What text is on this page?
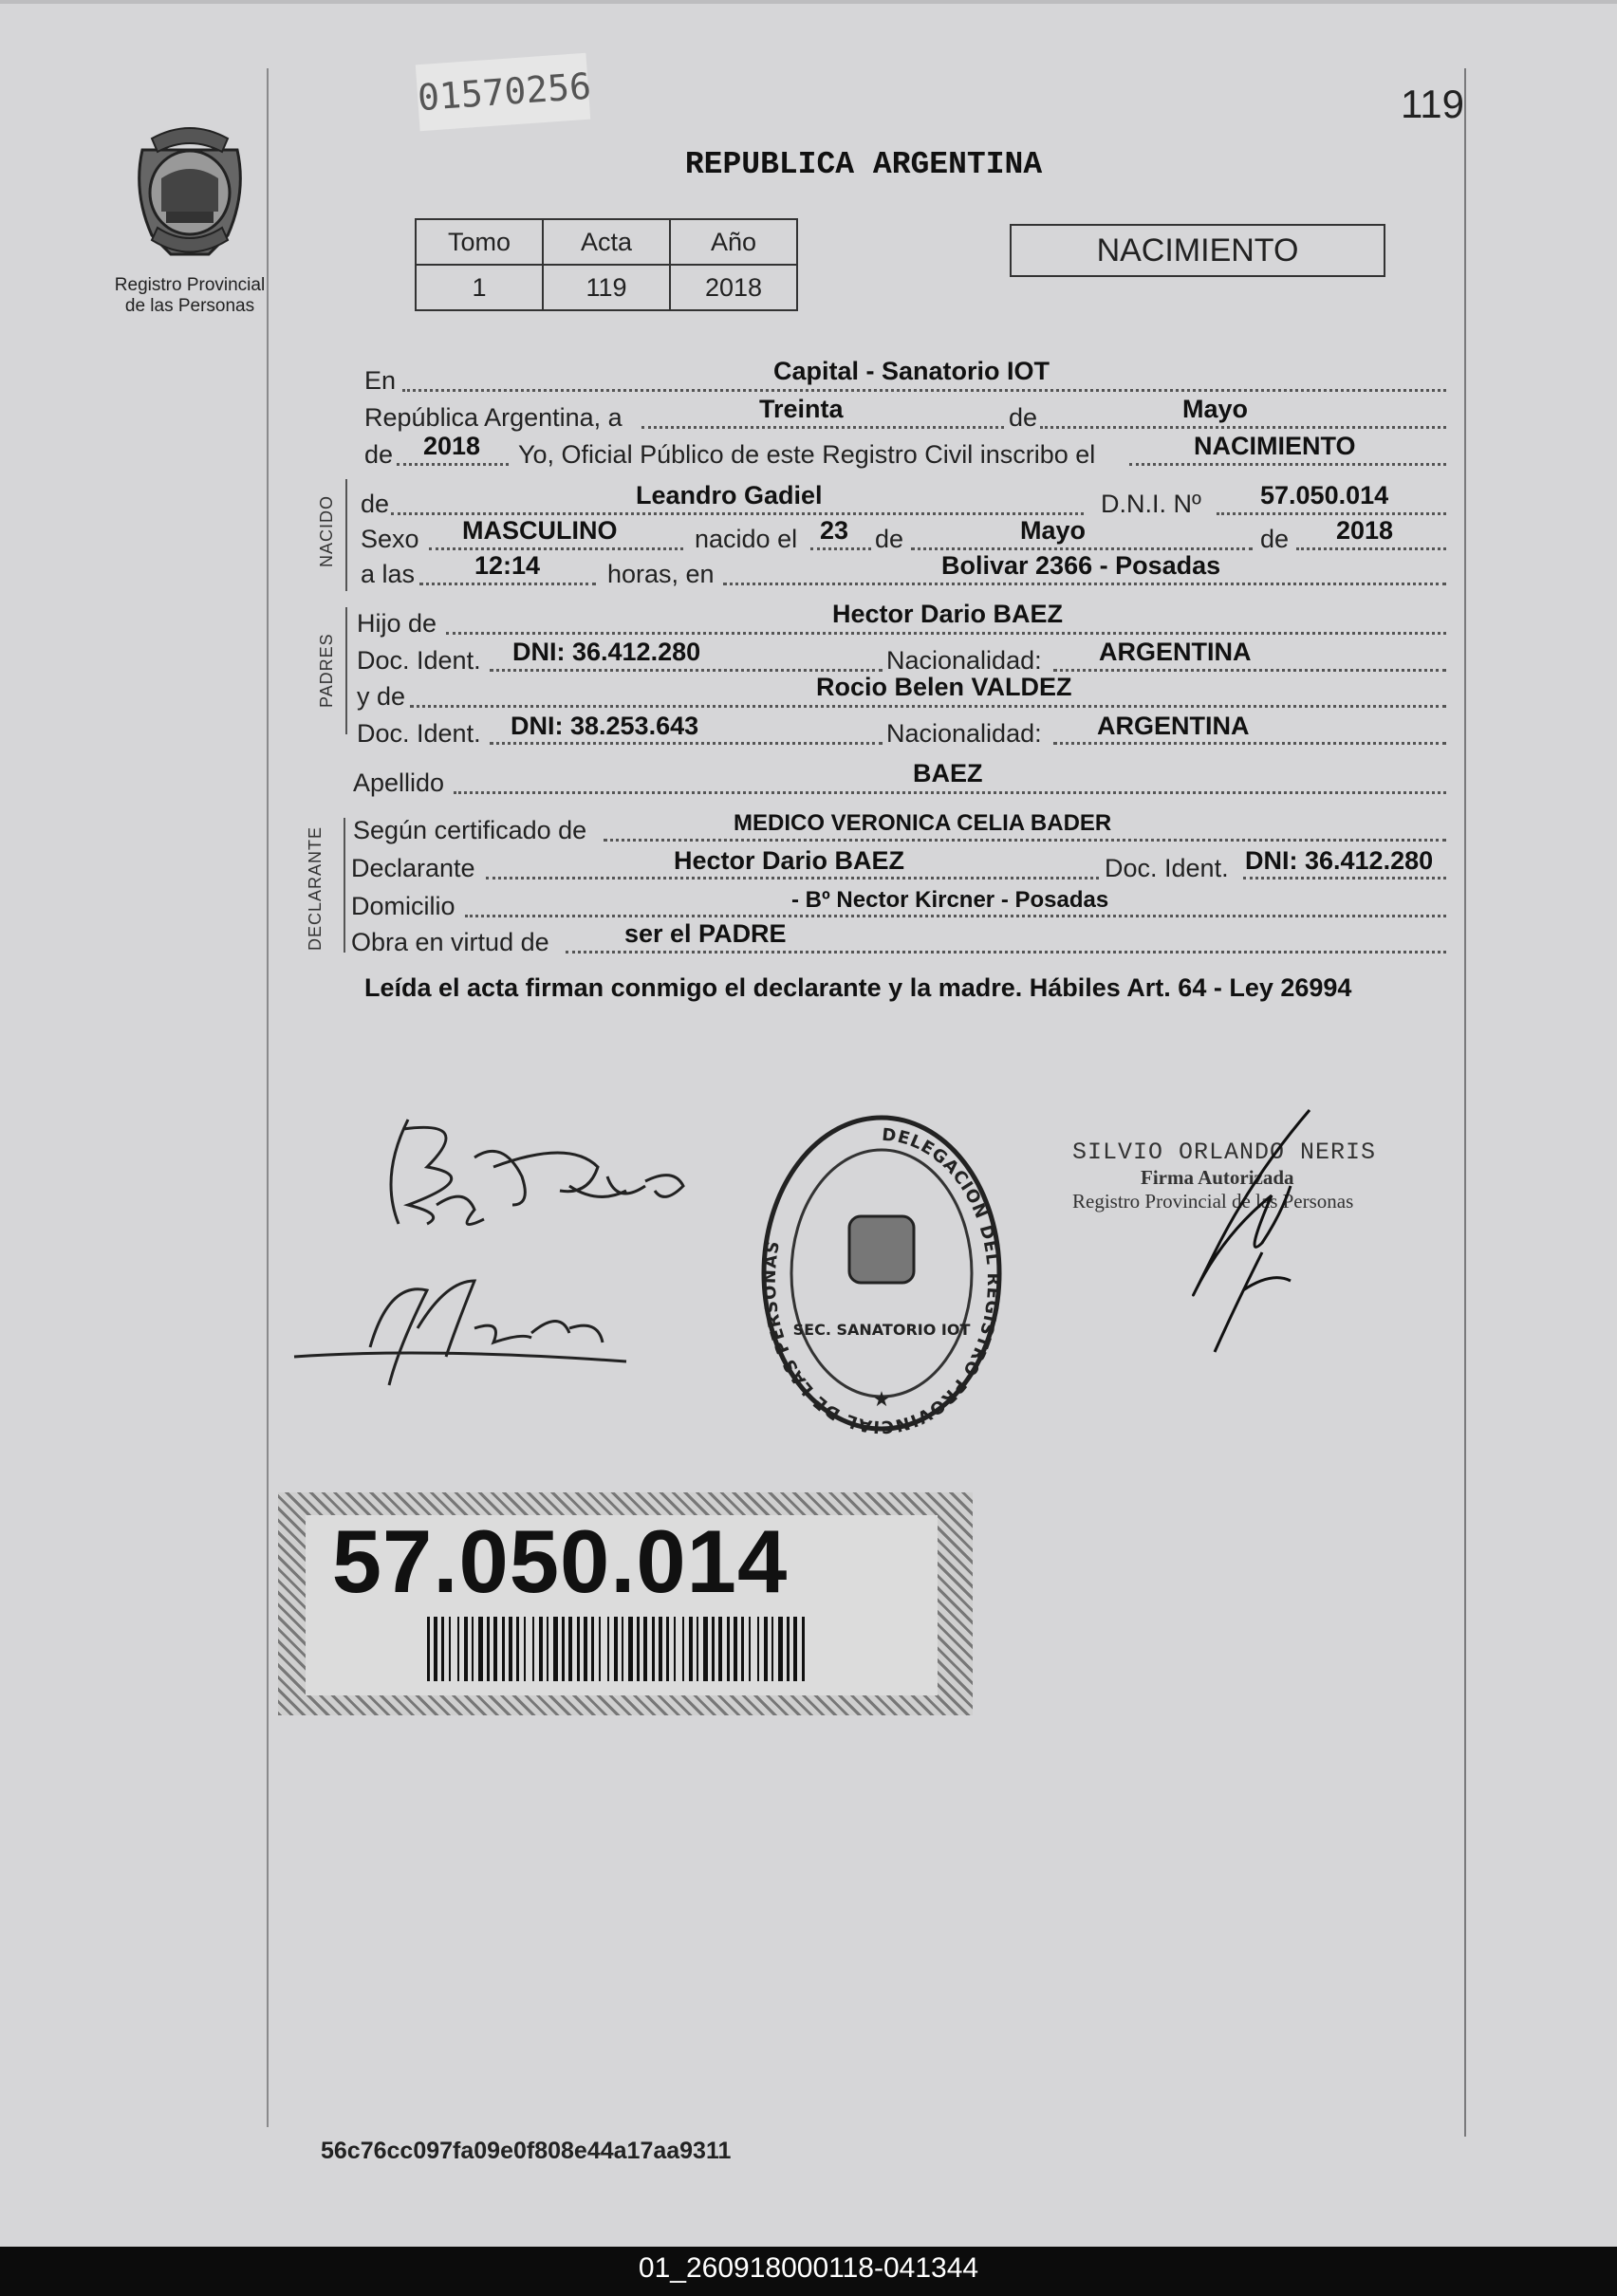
01570256	119
REPUBLICA ARGENTINA
Registro Provincial
de las Personas
Tomo	Acta	Año
1	119	2018
NACIMIENTO
En	Capital - Sanatorio IOT
República Argentina, a	Treinta	de	Mayo
de 2018 Yo, Oficial Público de este Registro Civil inscribo el	NACIMIENTO
NACIDO de	Leandro Gadiel	D.N.I. Nº 57.050.014
Sexo MASCULINO	nacido el 23 de	Mayo	de 2018
a las 12:14	horas, en	Bolivar 2366 - Posadas
PADRES
Hijo de	Hector Dario BAEZ
Doc. Ident. DNI: 36.412.280	Nacionalidad: ARGENTINA
y de	Rocio Belen VALDEZ
Doc. Ident. DNI: 38.253.643	Nacionalidad: ARGENTINA
Apellido	BAEZ
DECLARANTE Según certificado de	MEDICO VERONICA CELIA BADER
Declarante	Hector Dario BAEZ	Doc. Ident. DNI: 36.412.280
Domicilio	- Bº Nector Kircner - Posadas
Obra en virtud de	ser el PADRE
Leída el acta firman conmigo el declarante y la madre. Hábiles Art. 64 - Ley 26994
DELEGACION DEL REGISTRO PROVINCIAL DE LAS PERSONAS
SEC. SANATORIO IOT
★
SILVIO ORLANDO NERIS
Firma Autorizada
Registro Provincial de las Personas
57.050.014
56c76cc097fa09e0f808e44a17aa9311
01_260918000118-041344
